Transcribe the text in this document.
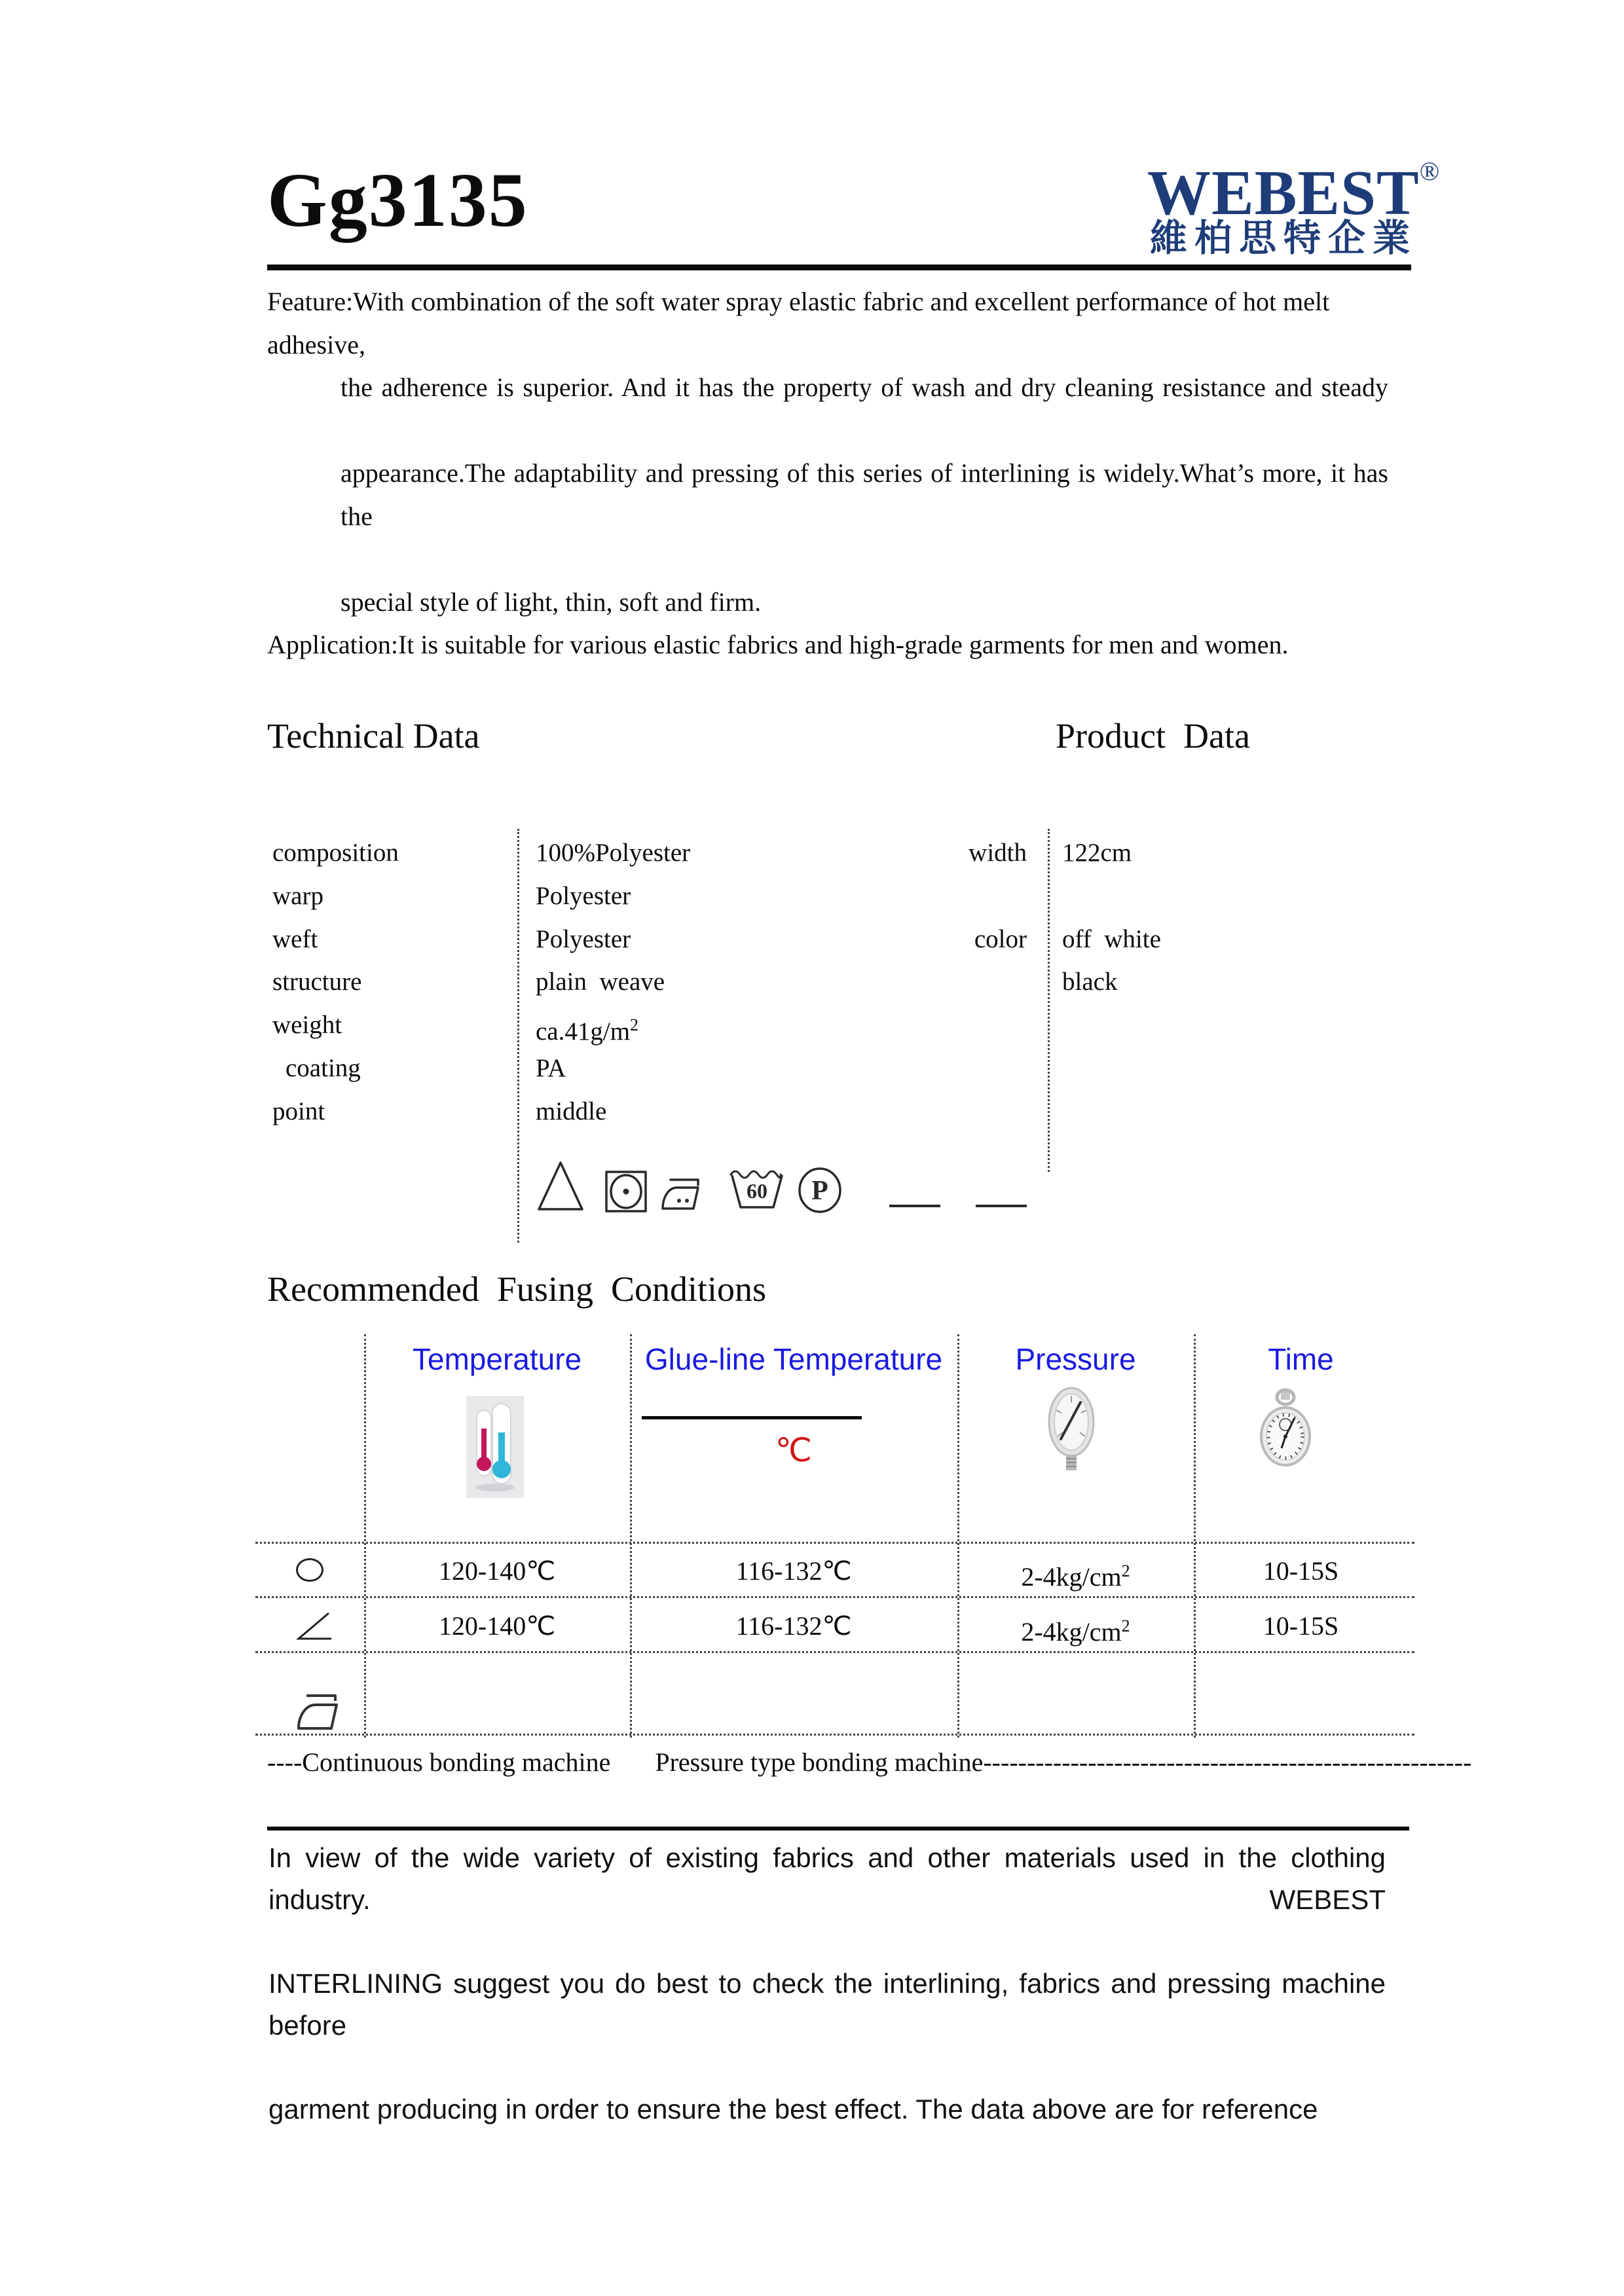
Gg3135	WEBEST®
維柏思特企業
Feature:With combination of the soft water spray elastic fabric and excellent performance of hot melt adhesive,
the adherence is superior. And it has the property of wash and dry cleaning resistance and steady
appearance.The adaptability and pressing of this series of interlining is widely.What’s more, it has the
special style of light, thin, soft and firm.
Application:It is suitable for various elastic fabrics and high-grade garments for men and women.
Technical Data	Product  Data
composition	100%Polyester	width 122cm
warp	Polyester
weft	Polyester	color off  white
structure	plain  weave	black
weight	$ca.41g/m^2$
coating	PA
point	middle
60 P
Recommended  Fusing  Conditions
Temperature	Glue-line Temperature	Pressure	Time
℃
120-140℃	116-132℃	$2-4kg/cm^2$	10-15S
120-140℃	116-132℃	$2-4kg/cm^2$	10-15S
----Continuous bonding machine Pressure type bonding machine--------------------------------------------------------
In view of the wide variety of existing fabrics and other materials used in the clothing industry. WEBEST
INTERLINING suggest you do best to check the interlining, fabrics and pressing machine before
garment producing in order to ensure the best effect. The data above are for reference
